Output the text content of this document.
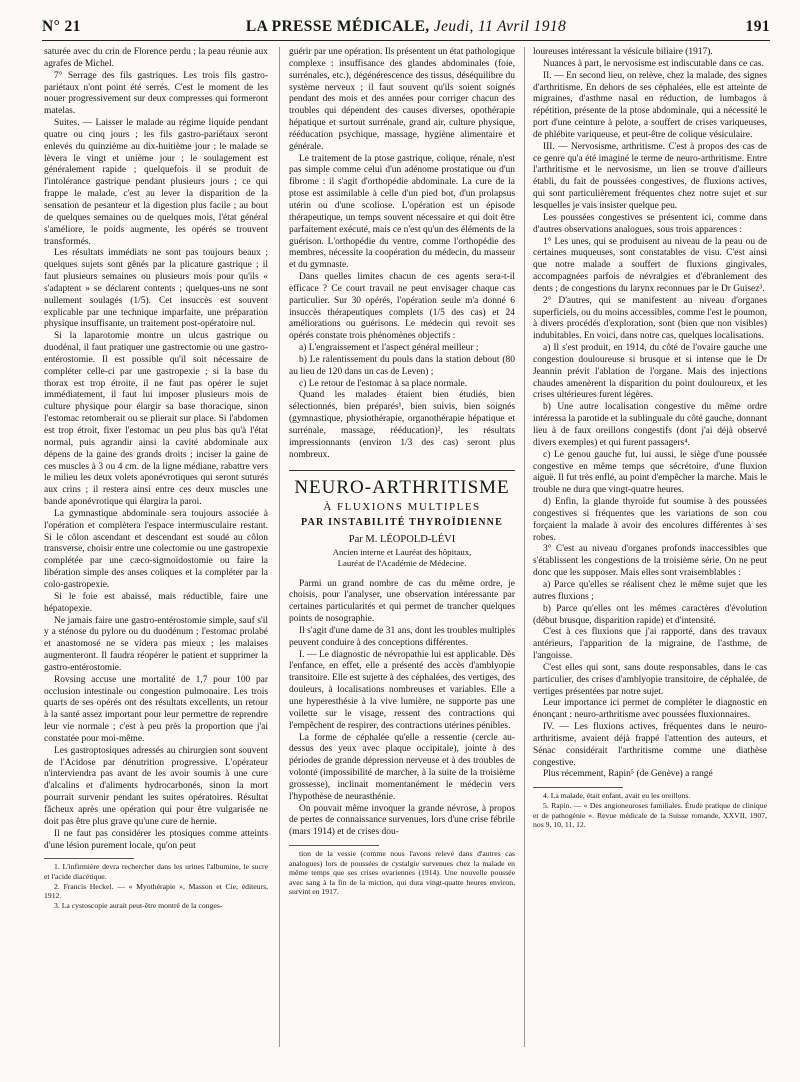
N° 21	LA PRESSE MÉDICALE, Jeudi, 11 Avril 1918	191

saturée avec du crin de Florence perdu ; la peau réunie aux agrafes de Michel.

7° Serrage des fils gastriques. Les trois fils gastro-pariétaux n'ont point été serrés. C'est le moment de les nouer progressivement sur deux compresses qui formeront matelas.

Suites. — Laisser le malade au régime liquide pendant quatre ou cinq jours ; les fils gastro-pariétaux seront enlevés du quinzième au dix-huitième jour ; le malade se lèvera le vingt et unième jour ; le soulagement est généralement rapide ; quelquefois il se produit de l'intolérance gastrique pendant plusieurs jours ; ce qui frappe le malade, c'est au lever la disparition de la sensation de pesanteur et la digestion plus facile ; au bout de quelques semaines ou de quelques mois, l'état général s'améliore, le poids augmente, les opérés se trouvent transformés.

Les résultats immédiats ne sont pas toujours beaux ; quelques sujets sont gênés par la plicature gastrique ; il faut plusieurs semaines ou plusieurs mois pour qu'ils « s'adaptent » se déclarent contents ; quelques-uns ne sont nullement soulagés (1/5). Cet insuccès est souvent explicable par une technique imparfaite, une préparation physique insuffisante, un traitement post-opératoire nul.

Si la laparotomie montre un ulcus gastrique ou duodénal, il faut pratiquer une gastrectomie ou une gastro-entérostomie. Il est possible qu'il soit nécessaire de compléter celle-ci par une gastropexie ; si la base du thorax est trop étroite, il ne faut pas opérer le sujet immédiatement, il faut lui imposer plusieurs mois de culture physique pour élargir sa base thoracique, sinon l'estomac retomberait ou se plierait sur place. Si l'abdomen est trop étroit, fixer l'estomac un peu plus bas qu'à l'état normal, puis agrandir ainsi la cavité abdominale aux dépens de la gaine des grands droits ; inciser la gaine de ces muscles à 3 ou 4 cm. de la ligne médiane, rabattre vers le milieu les deux volets aponévrotiques qui seront suturés aux crins ; il restera ainsi entre ces deux muscles une bande aponévrotique qui élargira la paroi.

La gymnastique abdominale sera toujours associée à l'opération et complètera l'espace intermusculaire restant. Si le côlon ascendant et descendant est soudé au côlon transverse, choisir entre une colectomie ou une gastropexie complétée par une cæco-sigmoïdostomie ou faire la libération simple des anses coliques et la compléter par la colo-gastropexie.

Si le foie est abaissé, mais réductible, faire une hépatopexie.

Ne jamais faire une gastro-entérostomie simple, sauf s'il y a sténose du pylore ou du duodénum ; l'estomac prolabé et anastomosé ne se videra pas mieux ; les malaises augmenteront. Il faudra réopérer le patient et supprimer la gastro-entérostomie.

Rovsing accuse une mortalité de 1,7 pour 100 par occlusion intestinale ou congestion pulmonaire. Les trois quarts de ses opérés ont des résultats excellents, un retour à la santé assez important pour leur permettre de reprendre leur vie normale ; c'est à peu près la proportion que j'ai constatée pour moi-même.

Les gastroptosiques adressés au chirurgien sont souvent de l'Acidose par dénutrition progressive. L'opérateur n'interviendra pas avant de les avoir soumis à une cure d'alcalins et d'aliments hydrocarbonés, sinon la mort pourrait survenir pendant les suites opératoires. Résultat fâcheux après une opération qui pour être vulgarisée ne doit pas être plus grave qu'une cure de hernie.

Il ne faut pas considérer les ptosiques comme atteints d'une lésion purement locale, qu'on peut

1. L'infirmière devra rechercher dans les urines l'albumine, le sucre et l'acide diacétique.

2. Francis Heckel. — « Myothérapie », Masson et Cie, éditeurs, 1912.

3. La cystoscopie aurait peut-être montré de la conges-

guérir par une opération. Ils présentent un état pathologique complexe : insuffisance des glandes abdominales (foie, surrénales, etc.), dégénérescence des tissus, déséquilibre du système nerveux ; il faut souvent qu'ils soient soignés pendant des mois et des années pour corriger chacun des troubles qui dépendent des causes diverses, opothérapie hépatique et surtout surrénale, grand air, culture physique, rééducation psychique, massage, hygiène alimentaire et générale.

Le traitement de la ptose gastrique, colique, rénale, n'est pas simple comme celui d'un adénome prostatique ou d'un fibrome : il s'agit d'orthopédie abdominale. La cure de la ptose est assimilable à celle d'un pied bot, d'un prolapsus utérin ou d'une scoliose. L'opération est un épisode thérapeutique, un temps souvent nécessaire et qui doit être parfaitement exécuté, mais ce n'est qu'un des éléments de la guérison. L'orthopédie du ventre, comme l'orthopédie des membres, nécessite la coopération du médecin, du masseur et du gymnaste.

Dans quelles limites chacun de ces agents sera-t-il efficace ? Ce court travail ne peut envisager chaque cas particulier. Sur 30 opérés, l'opération seule m'a donné 6 insuccès thérapeutiques complets (1/5 des cas) et 24 améliorations ou guérisons. Le médecin qui revoit ses opérés constate trois phénomènes objectifs :

a) L'engraissement et l'aspect général meilleur ;

b) Le ralentissement du pouls dans la station debout (80 au lieu de 120 dans un cas de Leven) ;

c) Le retour de l'estomac à sa place normale.

Quand les malades étaient bien étudiés, bien sélectionnés, bien préparés¹, bien suivis, bien soignés (gymnastique, physiothérapie, organothérapie hépatique et surrénale, massage, rééducation)², les résultats impressionnants (environ 1/3 des cas) seront plus nombreux.

NEURO-ARTHRITISME
À FLUXIONS MULTIPLES
PAR INSTABILITÉ THYROÏDIENNE
Par M. LÉOPOLD-LÉVI
Ancien interne et Lauréat des hôpitaux,
Lauréat de l'Académie de Médecine.

Parmi un grand nombre de cas du même ordre, je choisis, pour l'analyser, une observation intéressante par certaines particularités et qui permet de trancher quelques points de nosographie.

Il s'agit d'une dame de 31 ans, dont les troubles multiples peuvent conduire à des conceptions différentes.

I. — Le diagnostic de névropathie lui est applicable. Dès l'enfance, en effet, elle a présenté des accès d'amblyopie transitoire. Elle est sujette à des céphalées, des vertiges, des douleurs, à localisations nombreuses et variables. Elle a une hyperesthésie à la vive lumière, ne supporte pas une voilette sur le visage, ressent des contractions qui l'empêchent de respirer, des contractions utérines pénibles.

La forme de céphalée qu'elle a ressentie (cercle au-dessus des yeux avec plaque occipitale), jointe à des périodes de grande dépression nerveuse et à des troubles de volonté (impossibilité de marcher, à la suite de la troisième grossesse), inclinait momentanément le médecin vers l'hypothèse de neurasthénie.

On pouvait même invoquer la grande névrose, à propos de pertes de connaissance survenues, lors d'une crise fébrile (mars 1914) et de crises dou-

tion de la vessie (comme nous l'avons relevé dans d'autres cas analogues) lors de poussées de cystalgie survenues chez la malade en même temps que ses crises ovariennes (1914). Une nouvelle poussée avec sang à la fin de la miction, qui dura vingt-quatre heures environ, survint en 1917.

loureuses intéressant la vésicule biliaire (1917).

Nuances à part, le nervosisme est indiscutable dans ce cas.

II. — En second lieu, on relève, chez la malade, des signes d'arthritisme. En dehors de ses céphalées, elle est atteinte de migraines, d'asthme nasal en réduction, de lumbagos à répétition, présente de la ptose abdominale, qui a nécessité le port d'une ceinture à pelote, a souffert de crises variqueuses, de phlébite variqueuse, et peut-être de colique vésiculaire.

III. — Nervosisme, arthritisme. C'est à propos des cas de ce genre qu'a été imaginé le terme de neuro-arthritisme. Entre l'arthritisme et le nervosisme, un lien se trouve d'ailleurs établi, du fait de poussées congestives, de fluxions actives, qui sont particulièrement fréquentes chez notre sujet et sur lesquelles je vais insister quelque peu.

Les poussées congestives se présentent ici, comme dans d'autres observations analogues, sous trois apparences :

1° Les unes, qui se produisent au niveau de la peau ou de certaines muqueuses, sont constatables de visu. C'est ainsi que notre malade a souffert de fluxions gingivales, accompagnées parfois de névralgies et d'ébranlement des dents ; de congestions du larynx reconnues par le Dr Guisez³.

2° D'autres, qui se manifestent au niveau d'organes superficiels, ou du moins accessibles, comme l'est le poumon, à divers procédés d'exploration, sont (bien que non visibles) indubitables. En voici, dans notre cas, quelques localisations.

a) Il s'est produit, en 1914, du côté de l'ovaire gauche une congestion douloureuse si brusque et si intense que le Dr Jeannin prévit l'ablation de l'organe. Mais des injections chaudes amenèrent la disparition du point douloureux, et les crises ultérieures furent légères.

b) Une autre localisation congestive du même ordre intéressa la parotide et la sublinguale du côté gauche, donnant lieu à de faux oreillons congestifs (dont j'ai déjà observé divers exemples) et qui furent passagers⁴.

c) Le genou gauche fut, lui aussi, le siège d'une poussée congestive en même temps que sécrétoire, d'une fluxion aiguë. Il fut très enflé, au point d'empêcher la marche. Mais le trouble ne dura que vingt-quatre heures.

d) Enfin, la glande thyroïde fut soumise à des poussées congestives si fréquentes que les variations de son cou forçaient la malade à avoir des encolures différentes à ses robes.

3° C'est au niveau d'organes profonds inaccessibles que s'établissent les congestions de la troisième série. On ne peut donc que les supposer. Mais elles sont vraisemblables :

a) Parce qu'elles se réalisent chez le même sujet que les autres fluxions ;

b) Parce qu'elles ont les mêmes caractères d'évolution (début brusque, disparition rapide) et d'intensité.

C'est à ces fluxions que j'ai rapporté, dans des travaux antérieurs, l'apparition de la migraine, de l'asthme, de l'angoisse.

C'est elles qui sont, sans doute responsables, dans le cas particulier, des crises d'amblyopie transitoire, de céphalée, de vertiges présentées par notre sujet.

Leur importance ici permet de compléter le diagnostic en énonçant : neuro-arthritisme avec poussées fluxionnaires.

IV. — Les fluxions actives, fréquentes dans le neuro-arthritisme, avaient déjà frappé l'attention des auteurs, et Sénac considérait l'arthritisme comme une diathèse congestive.

Plus récemment, Rapin⁵ (de Genève) a rangé

4. La malade, était enfant, avait eu les oreillons.

5. Rapin. — « Des angioneuroses familiales. Étude pratique de clinique et de pathogénie ». Revue médicale de la Suisse romande, XXVII, 1907, nos 9, 10, 11, 12.
